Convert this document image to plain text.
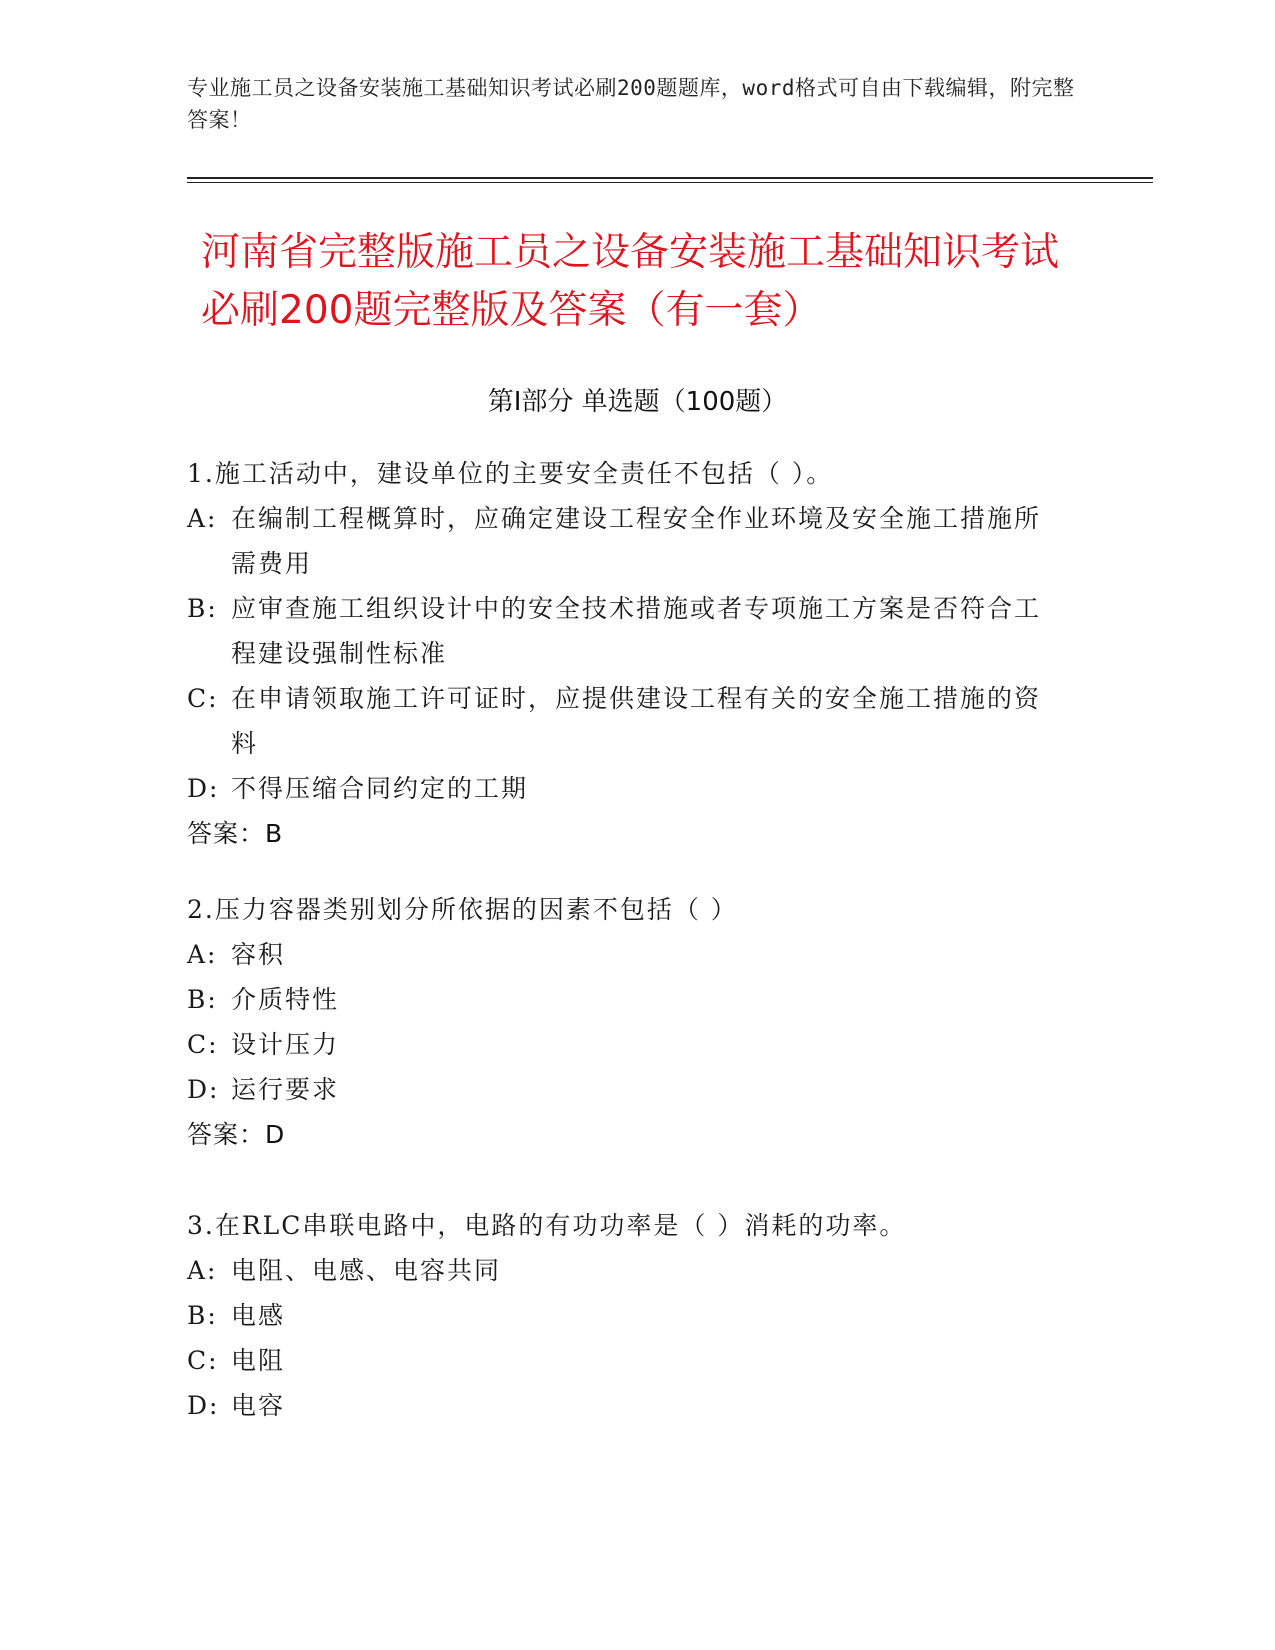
专业施工员之设备安装施工基础知识考试必刷200题题库，word格式可自由下载编辑，附完整答案！
河南省完整版施工员之设备安装施工基础知识考试必刷200题完整版及答案（有一套）
第Ⅰ部分 单选题（100题）

1.施工活动中，建设单位的主要安全责任不包括（ ）。

A: 在编制工程概算时，应确定建设工程安全作业环境及安全施工措施所需费用
B: 应审查施工组织设计中的安全技术措施或者专项施工方案是否符合工程建设强制性标准
C: 在申请领取施工许可证时，应提供建设工程有关的安全施工措施的资料
D: 不得压缩合同约定的工期

答案：B

2.压力容器类别划分所依据的因素不包括（ ）

A: 容积
B: 介质特性
C: 设计压力
D: 运行要求

答案：D

3.在RLC串联电路中，电路的有功功率是（ ）消耗的功率。

A: 电阻、电感、电容共同
B: 电感
C: 电阻
D: 电容
